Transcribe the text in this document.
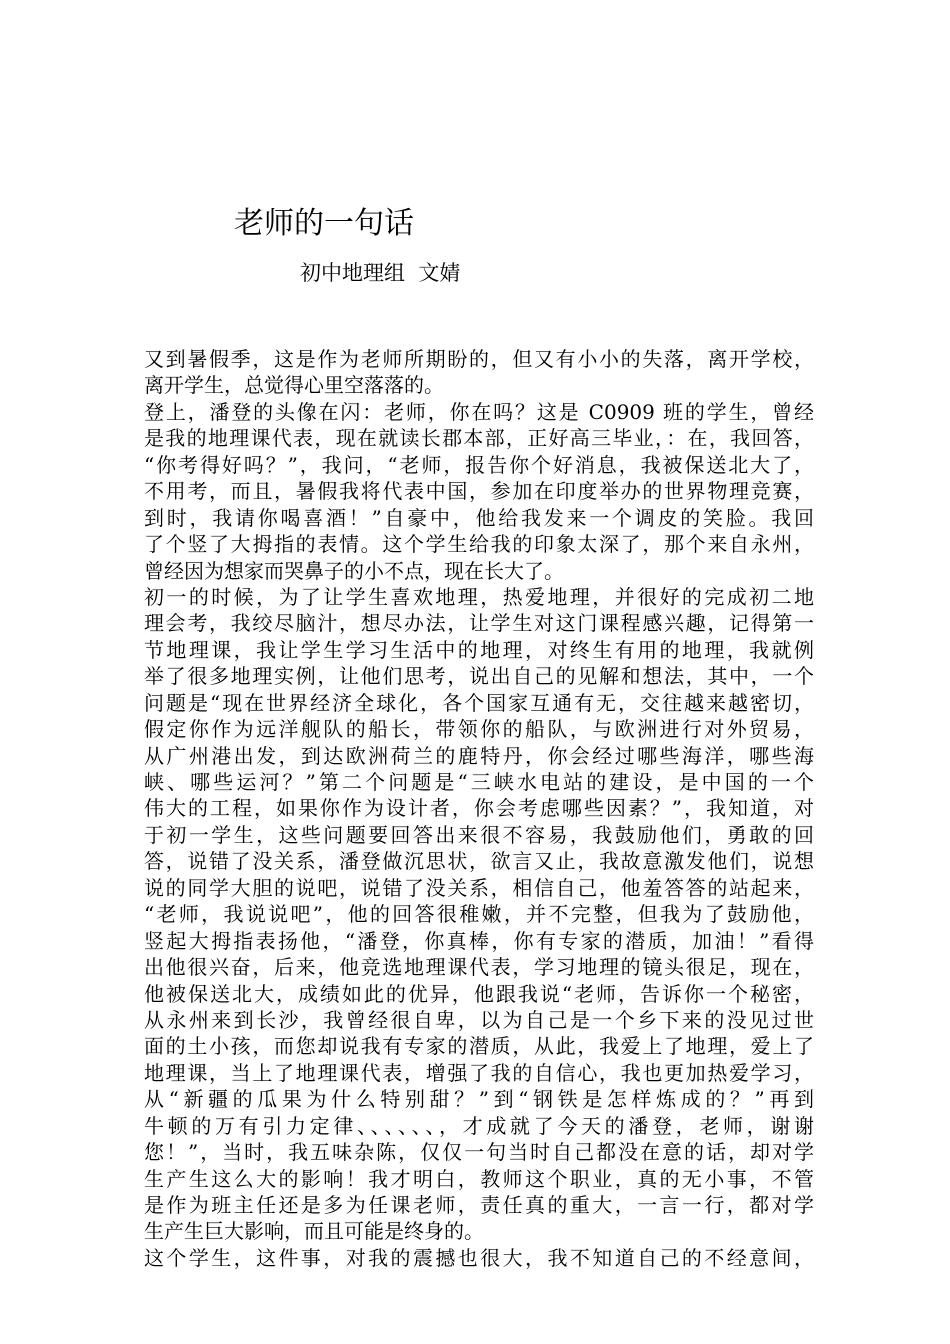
老师的一句话
初中地理组  文婧
又到暑假季，这是作为老师所期盼的，但又有小小的失落，离开学校，
离开学生，总觉得心里空落落的。
登上，潘登的头像在闪：老师，你在吗？这是 C0909 班的学生，曾经
是我的地理课代表，现在就读长郡本部，正好高三毕业，：在，我回答，
“你考得好吗？”，我问，“老师，报告你个好消息，我被保送北大了，
不用考，而且，暑假我将代表中国，参加在印度举办的世界物理竞赛，
到时，我请你喝喜酒！”自豪中，他给我发来一个调皮的笑脸。我回
了个竖了大拇指的表情。这个学生给我的印象太深了，那个来自永州，
曾经因为想家而哭鼻子的小不点，现在长大了。
初一的时候，为了让学生喜欢地理，热爱地理，并很好的完成初二地
理会考，我绞尽脑汁，想尽办法，让学生对这门课程感兴趣，记得第一
节地理课，我让学生学习生活中的地理，对终生有用的地理，我就例
举了很多地理实例，让他们思考，说出自己的见解和想法，其中，一个
问题是“现在世界经济全球化，各个国家互通有无，交往越来越密切，
假定你作为远洋舰队的船长，带领你的船队，与欧洲进行对外贸易，
从广州港出发，到达欧洲荷兰的鹿特丹，你会经过哪些海洋，哪些海
峡、哪些运河？”第二个问题是“三峡水电站的建设，是中国的一个
伟大的工程，如果你作为设计者，你会考虑哪些因素？”，我知道，对
于初一学生，这些问题要回答出来很不容易，我鼓励他们，勇敢的回
答，说错了没关系，潘登做沉思状，欲言又止，我故意激发他们，说想
说的同学大胆的说吧，说错了没关系，相信自己，他羞答答的站起来，
“老师，我说说吧”，他的回答很稚嫩，并不完整，但我为了鼓励他，
竖起大拇指表扬他，“潘登，你真棒，你有专家的潜质，加油！”看得
出他很兴奋，后来，他竞选地理课代表，学习地理的镜头很足，现在，
他被保送北大，成绩如此的优异，他跟我说“老师，告诉你一个秘密，
从永州来到长沙，我曾经很自卑，以为自己是一个乡下来的没见过世
面的土小孩，而您却说我有专家的潜质，从此，我爱上了地理，爱上了
地理课，当上了地理课代表，增强了我的自信心，我也更加热爱学习，
从“新疆的瓜果为什么特别甜？”到“钢铁是怎样炼成的？”再到
牛顿的万有引力定律、、、、、、，才成就了今天的潘登，老师，谢谢
您！”，当时，我五味杂陈，仅仅一句当时自己都没在意的话，却对学
生产生这么大的影响！我才明白，教师这个职业，真的无小事，不管
是作为班主任还是多为任课老师，责任真的重大，一言一行，都对学
生产生巨大影响，而且可能是终身的。
这个学生，这件事，对我的震撼也很大，我不知道自己的不经意间，
